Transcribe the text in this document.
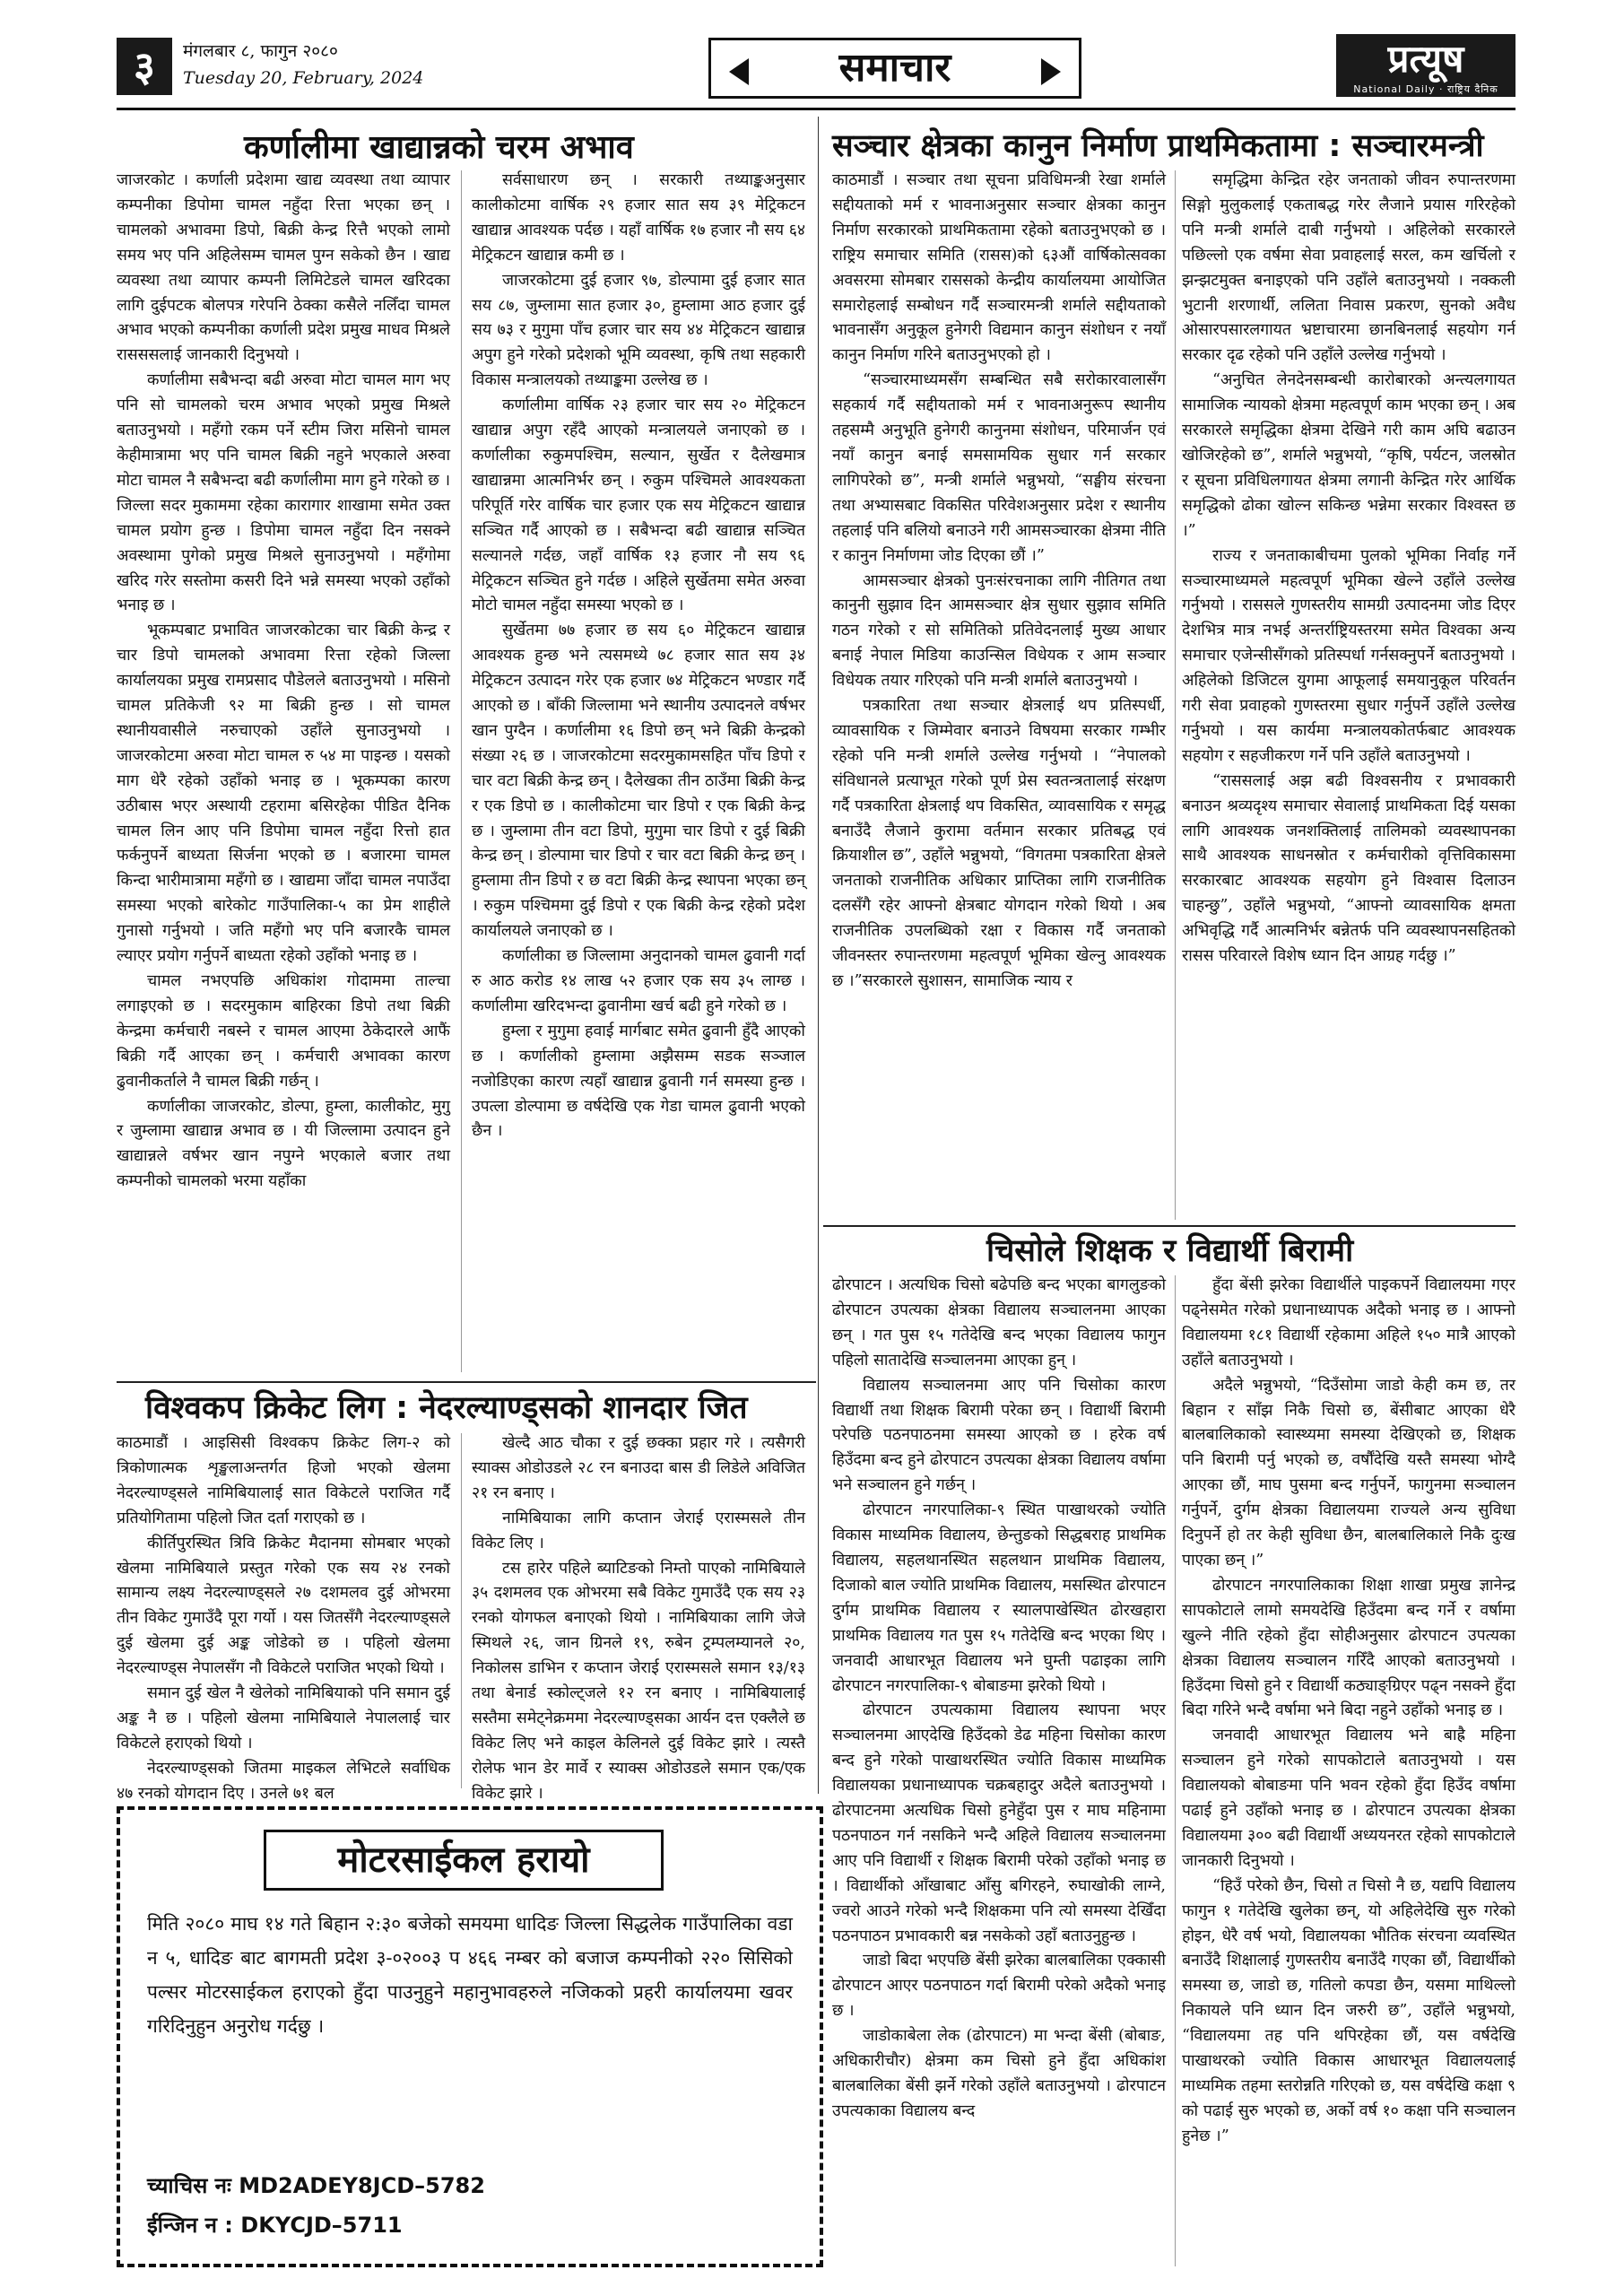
३	मंगलबार ८, फागुन २०८०
Tuesday 20, February, 2024	समाचार	प्रत्यूष
National Daily · राष्ट्रिय दैनिक
कर्णालीमा खाद्यान्नको चरम अभाव

जाजरकोट । कर्णाली प्रदेशमा खाद्य व्यवस्था तथा व्यापार कम्पनीका डिपोमा चामल नहुँदा रित्ता भएका छन् । चामलको अभावमा डिपो, बिक्री केन्द्र रित्तै भएको लामो समय भए पनि अहिलेसम्म चामल पुग्न सकेको छैन । खाद्य व्यवस्था तथा व्यापार कम्पनी लिमिटेडले चामल खरिदका लागि दुईपटक बोलपत्र गरेपनि ठेक्का कसैले नलिँदा चामल अभाव भएको कम्पनीका कर्णाली प्रदेश प्रमुख माधव मिश्रले रासससलाई जानकारी दिनुभयो ।

कर्णालीमा सबैभन्दा बढी अरुवा मोटा चामल माग भए पनि सो चामलको चरम अभाव भएको प्रमुख मिश्रले बताउनुभयो । महँगो रकम पर्ने स्टीम जिरा मसिनो चामल केहीमात्रामा भए पनि चामल बिक्री नहुने भएकाले अरुवा मोटा चामल नै सबैभन्दा बढी कर्णालीमा माग हुने गरेको छ । जिल्ला सदर मुकाममा रहेका कारागार शाखामा समेत उक्त चामल प्रयोग हुन्छ । डिपोमा चामल नहुँदा दिन नसक्ने अवस्थामा पुगेको प्रमुख मिश्रले सुनाउनुभयो । महँगोमा खरिद गरेर सस्तोमा कसरी दिने भन्ने समस्या भएको उहाँको भनाइ छ ।

भूकम्पबाट प्रभावित जाजरकोटका चार बिक्री केन्द्र र चार डिपो चामलको अभावमा रित्ता रहेको जिल्ला कार्यालयका प्रमुख रामप्रसाद पौडेलले बताउनुभयो । मसिनो चामल प्रतिकेजी ९२ मा बिक्री हुन्छ । सो चामल स्थानीयवासीले नरुचाएको उहाँले सुनाउनुभयो । जाजरकोटमा अरुवा मोटा चामल रु ५४ मा पाइन्छ । यसको माग धेरै रहेको उहाँको भनाइ छ । भूकम्पका कारण उठीबास भएर अस्थायी टहरामा बसिरहेका पीडित दैनिक चामल लिन आए पनि डिपोमा चामल नहुँदा रित्तो हात फर्कनुपर्ने बाध्यता सिर्जना भएको छ । बजारमा चामल किन्दा भारीमात्रामा महँगो छ । खाद्यमा जाँदा चामल नपाउँदा समस्या भएको बारेकोट गाउँपालिका-५ का प्रेम शाहीले गुनासो गर्नुभयो । जति महँगो भए पनि बजारकै चामल ल्याएर प्रयोग गर्नुपर्ने बाध्यता रहेको उहाँको भनाइ छ ।

चामल नभएपछि अधिकांश गोदाममा ताल्चा लगाइएको छ । सदरमुकाम बाहिरका डिपो तथा बिक्री केन्द्रमा कर्मचारी नबस्ने र चामल आएमा ठेकेदारले आफैं बिक्री गर्दै आएका छन् । कर्मचारी अभावका कारण ढुवानीकर्ताले नै चामल बिक्री गर्छन् ।

कर्णालीका जाजरकोट, डोल्पा, हुम्ला, कालीकोट, मुगु र जुम्लामा खाद्यान्न अभाव छ । यी जिल्लामा उत्पादन हुने खाद्यान्नले वर्षभर खान नपुग्ने भएकाले बजार तथा कम्पनीको चामलको भरमा यहाँका

सर्वसाधारण छन् । सरकारी तथ्याङ्कअनुसार कालीकोटमा वार्षिक २९ हजार सात सय ३९ मेट्रिकटन खाद्यान्न आवश्यक पर्दछ । यहाँ वार्षिक १७ हजार नौ सय ६४ मेट्रिकटन खाद्यान्न कमी छ ।

जाजरकोटमा दुई हजार ९७, डोल्पामा दुई हजार सात सय ८७, जुम्लामा सात हजार ३०, हुम्लामा आठ हजार दुई सय ७३ र मुगुमा पाँच हजार चार सय ४४ मेट्रिकटन खाद्यान्न अपुग हुने गरेको प्रदेशको भूमि व्यवस्था, कृषि तथा सहकारी विकास मन्त्रालयको तथ्याङ्कमा उल्लेख छ ।

कर्णालीमा वार्षिक २३ हजार चार सय २० मेट्रिकटन खाद्यान्न अपुग रहँदै आएको मन्त्रालयले जनाएको छ । कर्णालीका रुकुमपश्चिम, सल्यान, सुर्खेत र दैलेखमात्र खाद्यान्नमा आत्मनिर्भर छन् । रुकुम पश्चिमले आवश्यकता परिपूर्ति गरेर वार्षिक चार हजार एक सय मेट्रिकटन खाद्यान्न सञ्चित गर्दै आएको छ । सबैभन्दा बढी खाद्यान्न सञ्चित सल्यानले गर्दछ, जहाँ वार्षिक १३ हजार नौ सय ९६ मेट्रिकटन सञ्चित हुने गर्दछ । अहिले सुर्खेतमा समेत अरुवा मोटो चामल नहुँदा समस्या भएको छ ।

सुर्खेतमा ७७ हजार छ सय ६० मेट्रिकटन खाद्यान्न आवश्यक हुन्छ भने त्यसमध्ये ७८ हजार सात सय ३४ मेट्रिकटन उत्पादन गरेर एक हजार ७४ मेट्रिकटन भण्डार गर्दै आएको छ । बाँकी जिल्लामा भने स्थानीय उत्पादनले वर्षभर खान पुग्दैन । कर्णालीमा १६ डिपो छन् भने बिक्री केन्द्रको संख्या २६ छ । जाजरकोटमा सदरमुकामसहित पाँच डिपो र चार वटा बिक्री केन्द्र छन् । दैलेखका तीन ठाउँमा बिक्री केन्द्र र एक डिपो छ । कालीकोटमा चार डिपो र एक बिक्री केन्द्र छ । जुम्लामा तीन वटा डिपो, मुगुमा चार डिपो र दुई बिक्री केन्द्र छन् । डोल्पामा चार डिपो र चार वटा बिक्री केन्द्र छन् । हुम्लामा तीन डिपो र छ वटा बिक्री केन्द्र स्थापना भएका छन् । रुकुम पश्चिममा दुई डिपो र एक बिक्री केन्द्र रहेको प्रदेश कार्यालयले जनाएको छ ।

कर्णालीका छ जिल्लामा अनुदानको चामल ढुवानी गर्दा रु आठ करोड १४ लाख ५२ हजार एक सय ३५ लाग्छ । कर्णालीमा खरिदभन्दा ढुवानीमा खर्च बढी हुने गरेको छ ।

हुम्ला र मुगुमा हवाई मार्गबाट समेत ढुवानी हुँदै आएको छ । कर्णालीको हुम्लामा अझैसम्म सडक सञ्जाल नजोडिएका कारण त्यहाँ खाद्यान्न ढुवानी गर्न समस्या हुन्छ । उपत्ला डोल्पामा छ वर्षदेखि एक गेडा चामल ढुवानी भएको छैन ।

सञ्चार क्षेत्रका कानुन निर्माण प्राथमिकतामा : सञ्चारमन्त्री

काठमाडौं । सञ्चार तथा सूचना प्रविधिमन्त्री रेखा शर्माले सद्दीयताको मर्म र भावनाअनुसार सञ्चार क्षेत्रका कानुन निर्माण सरकारको प्राथमिकतामा रहेको बताउनुभएको छ । राष्ट्रिय समाचार समिति (रासस)को ६३औं वार्षिकोत्सवका अवसरमा सोमबार राससको केन्द्रीय कार्यालयमा आयोजित समारोहलाई सम्बोधन गर्दै सञ्चारमन्त्री शर्माले सद्दीयताको भावनासँग अनुकूल हुनेगरी विद्यमान कानुन संशोधन र नयाँ कानुन निर्माण गरिने बताउनुभएको हो ।

“सञ्चारमाध्यमसँग सम्बन्धित सबै सरोकारवालासँग सहकार्य गर्दै सद्दीयताको मर्म र भावनाअनुरूप स्थानीय तहसम्मै अनुभूति हुनेगरी कानुनमा संशोधन, परिमार्जन एवं नयाँ कानुन बनाई समसामयिक सुधार गर्न सरकार लागिपरेको छ”, मन्त्री शर्माले भन्नुभयो, “सङ्घीय संरचना तथा अभ्यासबाट विकसित परिवेशअनुसार प्रदेश र स्थानीय तहलाई पनि बलियो बनाउने गरी आमसञ्चारका क्षेत्रमा नीति र कानुन निर्माणमा जोड दिएका छौं ।”

आमसञ्चार क्षेत्रको पुनःसंरचनाका लागि नीतिगत तथा कानुनी सुझाव दिन आमसञ्चार क्षेत्र सुधार सुझाव समिति गठन गरेको र सो समितिको प्रतिवेदनलाई मुख्य आधार बनाई नेपाल मिडिया काउन्सिल विधेयक र आम सञ्चार विधेयक तयार गरिएको पनि मन्त्री शर्माले बताउनुभयो ।

पत्रकारिता तथा सञ्चार क्षेत्रलाई थप प्रतिस्पर्धी, व्यावसायिक र जिम्मेवार बनाउने विषयमा सरकार गम्भीर रहेको पनि मन्त्री शर्माले उल्लेख गर्नुभयो । “नेपालको संविधानले प्रत्याभूत गरेको पूर्ण प्रेस स्वतन्त्रतालाई संरक्षण गर्दै पत्रकारिता क्षेत्रलाई थप विकसित, व्यावसायिक र समृद्ध बनाउँदै लैजाने कुरामा वर्तमान सरकार प्रतिबद्ध एवं क्रियाशील छ”, उहाँले भन्नुभयो, “विगतमा पत्रकारिता क्षेत्रले जनताको राजनीतिक अधिकार प्राप्तिका लागि राजनीतिक दलसँगै रहेर आफ्नो क्षेत्रबाट योगदान गरेको थियो । अब राजनीतिक उपलब्धिको रक्षा र विकास गर्दै जनताको जीवनस्तर रुपान्तरणमा महत्वपूर्ण भूमिका खेल्नु आवश्यक छ ।”सरकारले सुशासन, सामाजिक न्याय र

समृद्धिमा केन्द्रित रहेर जनताको जीवन रुपान्तरणमा सिङ्गो मुलुकलाई एकताबद्ध गरेर लैजाने प्रयास गरिरहेको पनि मन्त्री शर्माले दाबी गर्नुभयो । अहिलेको सरकारले पछिल्लो एक वर्षमा सेवा प्रवाहलाई सरल, कम खर्चिलो र झन्झटमुक्त बनाइएको पनि उहाँले बताउनुभयो । नक्कली भुटानी शरणार्थी, ललिता निवास प्रकरण, सुनको अवैध ओसारपसारलगायत भ्रष्टाचारमा छानबिनलाई सहयोग गर्न सरकार दृढ रहेको पनि उहाँले उल्लेख गर्नुभयो ।

“अनुचित लेनदेनसम्बन्धी कारोबारको अन्त्यलगायत सामाजिक न्यायको क्षेत्रमा महत्वपूर्ण काम भएका छन् । अब सरकारले समृद्धिका क्षेत्रमा देखिने गरी काम अघि बढाउन खोजिरहेको छ”, शर्माले भन्नुभयो, “कृषि, पर्यटन, जलस्रोत र सूचना प्रविधिलगायत क्षेत्रमा लगानी केन्द्रित गरेर आर्थिक समृद्धिको ढोका खोल्न सकिन्छ भन्नेमा सरकार विश्वस्त छ ।”

राज्य र जनताकाबीचमा पुलको भूमिका निर्वाह गर्ने सञ्चारमाध्यमले महत्वपूर्ण भूमिका खेल्ने उहाँले उल्लेख गर्नुभयो । राससले गुणस्तरीय सामग्री उत्पादनमा जोड दिएर देशभित्र मात्र नभई अन्तर्राष्ट्रियस्तरमा समेत विश्वका अन्य समाचार एजेन्सीसँगको प्रतिस्पर्धा गर्नसक्नुपर्ने बताउनुभयो । अहिलेको डिजिटल युगमा आफूलाई समयानुकूल परिवर्तन गरी सेवा प्रवाहको गुणस्तरमा सुधार गर्नुपर्ने उहाँले उल्लेख गर्नुभयो । यस कार्यमा मन्त्रालयकोतर्फबाट आवश्यक सहयोग र सहजीकरण गर्ने पनि उहाँले बताउनुभयो ।

“राससलाई अझ बढी विश्वसनीय र प्रभावकारी बनाउन श्रव्यदृश्य समाचार सेवालाई प्राथमिकता दिई यसका लागि आवश्यक जनशक्तिलाई तालिमको व्यवस्थापनका साथै आवश्यक साधनस्रोत र कर्मचारीको वृत्तिविकासमा सरकारबाट आवश्यक सहयोग हुने विश्वास दिलाउन चाहन्छु”, उहाँले भन्नुभयो, “आफ्नो व्यावसायिक क्षमता अभिवृद्धि गर्दै आत्मनिर्भर बन्नेतर्फ पनि व्यवस्थापनसहितको रासस परिवारले विशेष ध्यान दिन आग्रह गर्दछु ।”

चिसोले शिक्षक र विद्यार्थी बिरामी

ढोरपाटन । अत्यधिक चिसो बढेपछि बन्द भएका बागलुङको ढोरपाटन उपत्यका क्षेत्रका विद्यालय सञ्चालनमा आएका छन् । गत पुस १५ गतेदेखि बन्द भएका विद्यालय फागुन पहिलो सातादेखि सञ्चालनमा आएका हुन् ।

विद्यालय सञ्चालनमा आए पनि चिसोका कारण विद्यार्थी तथा शिक्षक बिरामी परेका छन् । विद्यार्थी बिरामी परेपछि पठनपाठनमा समस्या आएको छ । हरेक वर्ष हिउँदमा बन्द हुने ढोरपाटन उपत्यका क्षेत्रका विद्यालय वर्षामा भने सञ्चालन हुने गर्छन् ।

ढोरपाटन नगरपालिका-९ स्थित पाखाथरको ज्योति विकास माध्यमिक विद्यालय, छेन्तुङको सिद्धबराह प्राथमिक विद्यालय, सहलथानस्थित सहलथान प्राथमिक विद्यालय, दिजाको बाल ज्योति प्राथमिक विद्यालय, मसस्थित ढोरपाटन दुर्गम प्राथमिक विद्यालय र स्यालपाखेस्थित ढोरखहारा प्राथमिक विद्यालय गत पुस १५ गतेदेखि बन्द भएका थिए । जनवादी आधारभूत विद्यालय भने घुम्ती पढाइका लागि ढोरपाटन नगरपालिका-९ बोबाङमा झरेको थियो ।

ढोरपाटन उपत्यकामा विद्यालय स्थापना भएर सञ्चालनमा आएदेखि हिउँदको डेढ महिना चिसोका कारण बन्द हुने गरेको पाखाथरस्थित ज्योति विकास माध्यमिक विद्यालयका प्रधानाध्यापक चक्रबहादुर अदैले बताउनुभयो । ढोरपाटनमा अत्यधिक चिसो हुनेहुँदा पुस र माघ महिनामा पठनपाठन गर्न नसकिने भन्दै अहिले विद्यालय सञ्चालनमा आए पनि विद्यार्थी र शिक्षक बिरामी परेको उहाँको भनाइ छ । विद्यार्थीको आँखाबाट आँसु बगिरहने, रुघाखोकी लाग्ने, ज्वरो आउने गरेको भन्दै शिक्षकमा पनि त्यो समस्या देखिँदा पठनपाठन प्रभावकारी बन्न नसकेको उहाँ बताउनुहुन्छ ।

जाडो बिदा भएपछि बेंसी झरेका बालबालिका एक्कासी ढोरपाटन आएर पठनपाठन गर्दा बिरामी परेको अदैको भनाइ छ ।

जाडोकाबेला लेक (ढोरपाटन) मा भन्दा बेंसी (बोबाङ, अधिकारीचौर) क्षेत्रमा कम चिसो हुने हुँदा अधिकांश बालबालिका बेंसी झर्ने गरेको उहाँले बताउनुभयो । ढोरपाटन उपत्यकाका विद्यालय बन्द

हुँदा बेंसी झरेका विद्यार्थीले पाइकपर्ने विद्यालयमा गएर पढ्नेसमेत गरेको प्रधानाध्यापक अदैको भनाइ छ । आफ्नो विद्यालयमा १८१ विद्यार्थी रहेकामा अहिले १५० मात्रै आएको उहाँले बताउनुभयो ।

अदैले भन्नुभयो, “दिउँसोमा जाडो केही कम छ, तर बिहान र साँझ निकै चिसो छ, बेंसीबाट आएका धेरै बालबालिकाको स्वास्थ्यमा समस्या देखिएको छ, शिक्षक पनि बिरामी पर्नु भएको छ, वर्षौंदेखि यस्तै समस्या भोग्दै आएका छौं, माघ पुसमा बन्द गर्नुपर्ने, फागुनमा सञ्चालन गर्नुपर्ने, दुर्गम क्षेत्रका विद्यालयमा राज्यले अन्य सुविधा दिनुपर्ने हो तर केही सुविधा छैन, बालबालिकाले निकै दुःख पाएका छन् ।”

ढोरपाटन नगरपालिकाका शिक्षा शाखा प्रमुख ज्ञानेन्द्र सापकोटाले लामो समयदेखि हिउँदमा बन्द गर्ने र वर्षामा खुल्ने नीति रहेको हुँदा सोहीअनुसार ढोरपाटन उपत्यका क्षेत्रका विद्यालय सञ्चालन गरिँदै आएको बताउनुभयो । हिउँदमा चिसो हुने र विद्यार्थी कठ्याङ्ग्रिएर पढ्न नसक्ने हुँदा बिदा गरिने भन्दै वर्षामा भने बिदा नहुने उहाँको भनाइ छ ।

जनवादी आधारभूत विद्यालय भने बाह्रै महिना सञ्चालन हुने गरेको सापकोटाले बताउनुभयो । यस विद्यालयको बोबाङमा पनि भवन रहेको हुँदा हिउँद वर्षामा पढाई हुने उहाँको भनाइ छ । ढोरपाटन उपत्यका क्षेत्रका विद्यालयमा ३०० बढी विद्यार्थी अध्ययनरत रहेको सापकोटाले जानकारी दिनुभयो ।

“हिउँ परेको छैन, चिसो त चिसो नै छ, यद्यपि विद्यालय फागुन १ गतेदेखि खुलेका छन्, यो अहिलेदेखि सुरु गरेको होइन, धेरै वर्ष भयो, विद्यालयका भौतिक संरचना व्यवस्थित बनाउँदै शिक्षालाई गुणस्तरीय बनाउँदै गएका छौं, विद्यार्थीको समस्या छ, जाडो छ, गतिलो कपडा छैन, यसमा माथिल्लो निकायले पनि ध्यान दिन जरुरी छ”, उहाँले भन्नुभयो, “विद्यालयमा तह पनि थपिरहेका छौं, यस वर्षदेखि पाखाथरको ज्योति विकास आधारभूत विद्यालयलाई माध्यमिक तहमा स्तरोन्नति गरिएको छ, यस वर्षदेखि कक्षा ९ को पढाई सुरु भएको छ, अर्को वर्ष १० कक्षा पनि सञ्चालन हुनेछ ।”

विश्वकप क्रिकेट लिग : नेदरल्याण्ड्सको शानदार जित

काठमाडौं । आइसिसी विश्वकप क्रिकेट लिग-२ को त्रिकोणात्मक शृङ्खलाअन्तर्गत हिजो भएको खेलमा नेदरल्याण्ड्सले नामिबियालाई सात विकेटले पराजित गर्दै प्रतियोगितामा पहिलो जित दर्ता गराएको छ ।

कीर्तिपुरस्थित त्रिवि क्रिकेट मैदानमा सोमबार भएको खेलमा नामिबियाले प्रस्तुत गरेको एक सय २४ रनको सामान्य लक्ष्य नेदरल्याण्ड्सले २७ दशमलव दुई ओभरमा तीन विकेट गुमाउँदै पूरा गर्यो । यस जितसँगै नेदरल्याण्ड्सले दुई खेलमा दुई अङ्क जोडेको छ । पहिलो खेलमा नेदरल्याण्ड्स नेपालसँग नौ विकेटले पराजित भएको थियो ।

समान दुई खेल नै खेलेको नामिबियाको पनि समान दुई अङ्क नै छ । पहिलो खेलमा नामिबियाले नेपाललाई चार विकेटले हराएको थियो ।

नेदरल्याण्ड्सको जितमा माइकल लेभिटले सर्वाधिक ४७ रनको योगदान दिए । उनले ७१ बल

खेल्दै आठ चौका र दुई छक्का प्रहार गरे । त्यसैगरी स्याक्स ओडोउडले २८ रन बनाउदा बास डी लिडेले अविजित २१ रन बनाए ।

नामिबियाका लागि कप्तान जेराई एरास्मसले तीन विकेट लिए ।

टस हारेर पहिले ब्याटिङको निम्तो पाएको नामिबियाले ३५ दशमलव एक ओभरमा सबै विकेट गुमाउँदै एक सय २३ रनको योगफल बनाएको थियो । नामिबियाका लागि जेजे स्मिथले २६, जान ग्रिनले १९, रुबेन ट्रम्पलम्यानले २०, निकोलस डाभिन र कप्तान जेराई एरास्मसले समान १३/१३ तथा बेनार्ड स्कोल्ट्जले १२ रन बनाए । नामिबियालाई सस्तैमा समेट्नेक्रममा नेदरल्याण्ड्सका आर्यन दत्त एक्लैले छ विकेट लिए भने काइल केलिनले दुई विकेट झारे । त्यस्तै रोलेफ भान डेर मार्वे र स्याक्स ओडोउडले समान एक/एक विकेट झारे ।

मोटरसाईकल हरायो
मिति २०८० माघ १४ गते बिहान २:३० बजेको समयमा धादिङ जिल्ला सिद्धलेक गाउँपालिका वडा न ५, धादिङ बाट बागमती प्रदेश ३-०२००३ प ४६६ नम्बर को बजाज कम्पनीको २२० सिसिको पल्सर मोटरसाईकल हराएको हुँदा पाउनुहुने महानुभावहरुले नजिकको प्रहरी कार्यालयमा खवर गरिदिनुहुन अनुरोध गर्दछु ।
च्याचिस नः MD2ADEY8JCD–5782
ईन्जिन न : DKYCJD–5711
